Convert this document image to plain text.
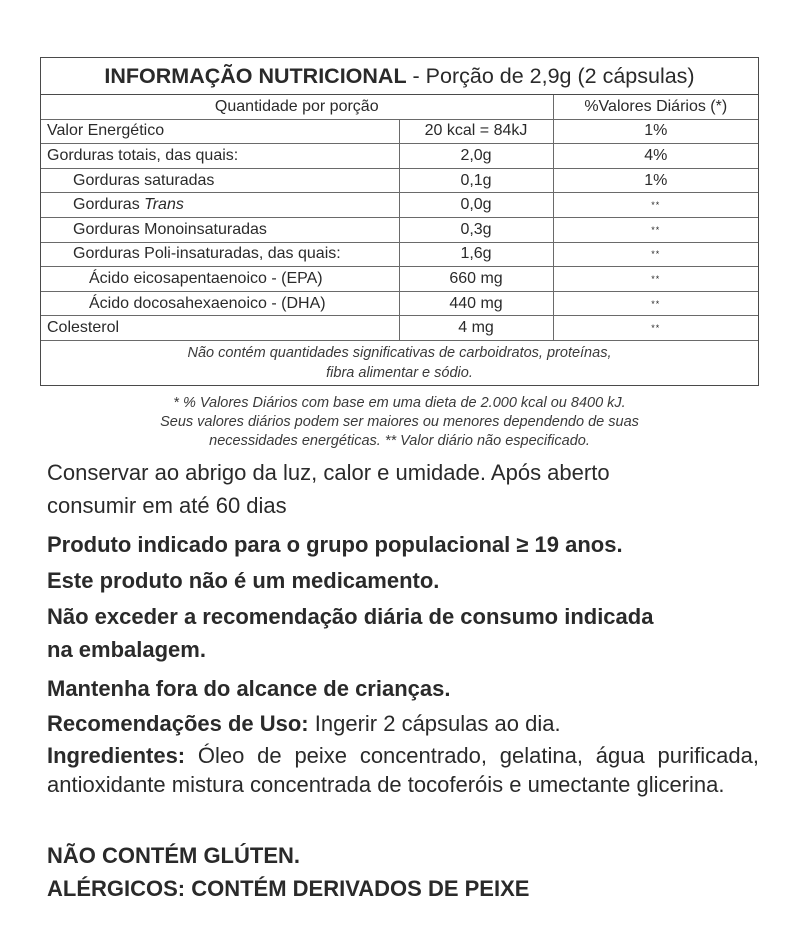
INFORMAÇÃO NUTRICIONAL - Porção de 2,9g (2 cápsulas)
Quantidade por porção		%Valores Diários (*)
Valor Energético	20 kcal = 84kJ	1%
Gorduras totais, das quais:	2,0g	4%
Gorduras saturadas	0,1g	1%
Gorduras Trans	0,0g	**
Gorduras Monoinsaturadas	0,3g	**
Gorduras Poli-insaturadas, das quais:	1,6g	**
Ácido eicosapentaenoico - (EPA)	660 mg	**
Ácido docosahexaenoico - (DHA)	440 mg	**
Colesterol	4 mg	**
Não contém quantidades significativas de carboidratos, proteínas,
fibra alimentar e sódio.
* % Valores Diários com base em uma dieta de 2.000 kcal ou 8400 kJ.
Seus valores diários podem ser maiores ou menores dependendo de suas
necessidades energéticas. ** Valor diário não especificado.
Conservar ao abrigo da luz, calor e umidade. Após aberto
consumir em até 60 dias
Produto indicado para o grupo populacional ≥ 19 anos.
Este produto não é um medicamento.
Não exceder a recomendação diária de consumo indicada
na embalagem.
Mantenha fora do alcance de crianças.
Recomendações de Uso: Ingerir 2 cápsulas ao dia.
Ingredientes: Óleo de peixe concentrado, gelatina, água purificada, antioxidante mistura concentrada de tocoferóis e umectante glicerina.
NÃO CONTÉM GLÚTEN.
ALÉRGICOS: CONTÉM DERIVADOS DE PEIXE
